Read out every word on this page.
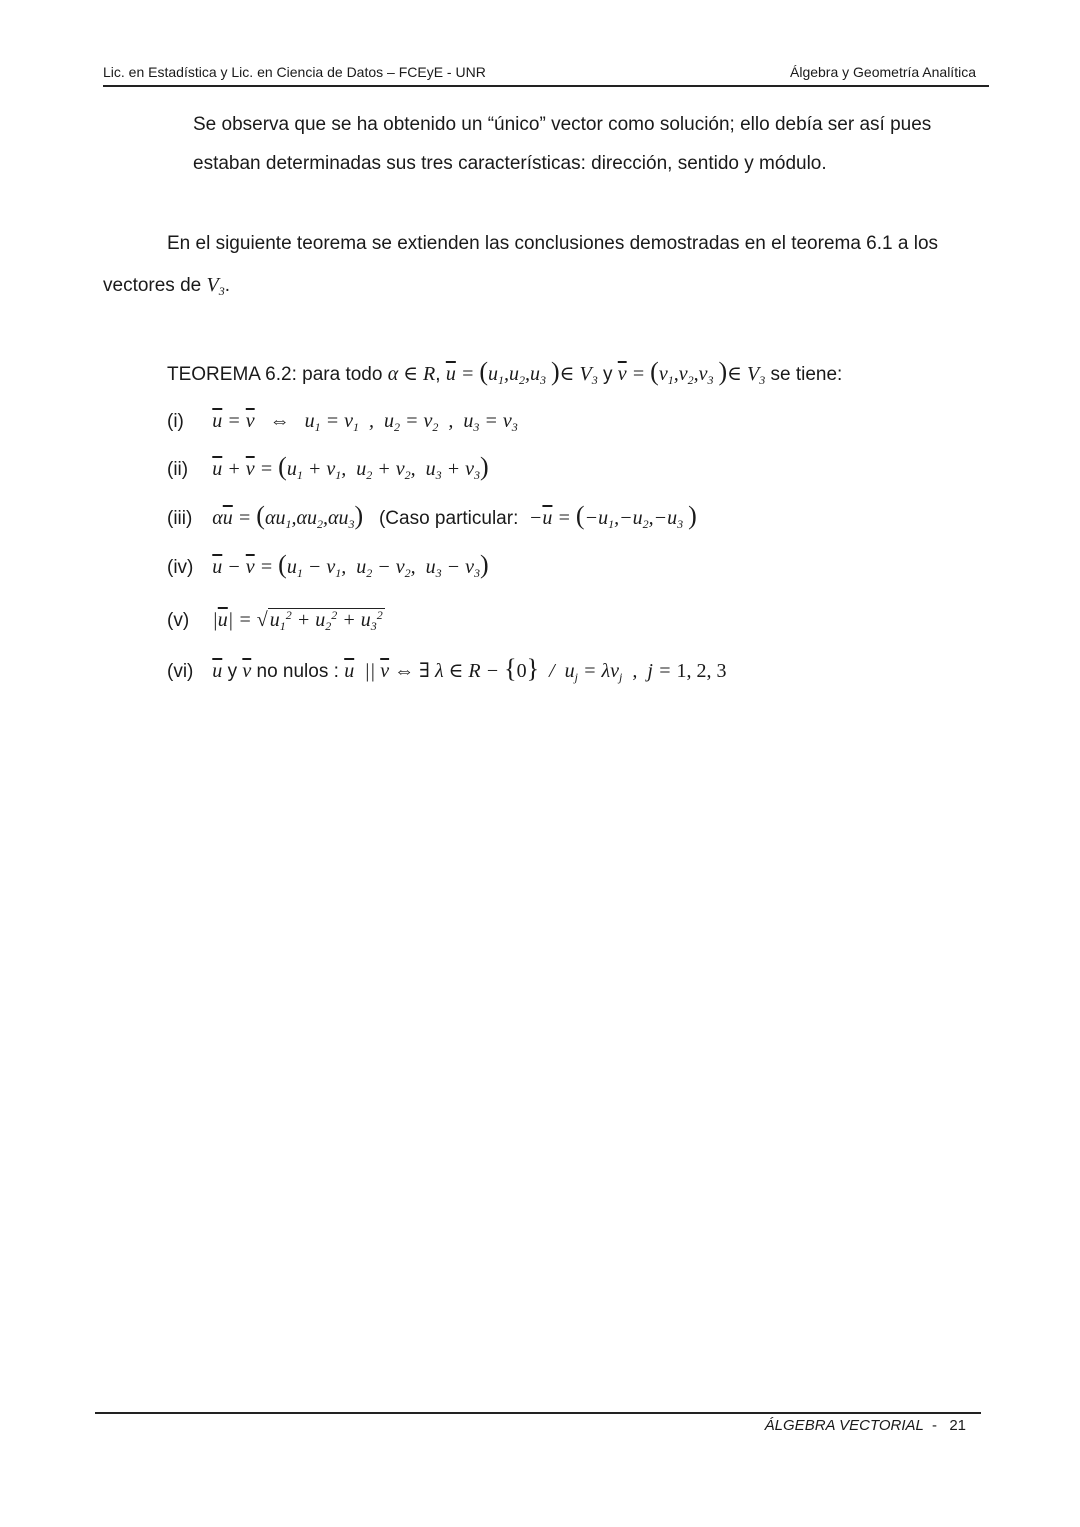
Lic. en Estadística y Lic. en Ciencia de Datos – FCEyE - UNR	Álgebra y Geometría Analítica
Se observa que se ha obtenido un “único” vector como solución; ello debía ser así pues
estaban determinadas sus tres características: dirección, sentido y módulo.
En el siguiente teorema se extienden las conclusiones demostradas en el teorema 6.1 a los
vectores de $V_3$.
TEOREMA 6.2: para todo α ∈ R, $\overline{u} = (u_1,u_2,u_3$ )∈ $V_3$ y $\overline{v} = (v_1,v_2,v_3$ )∈ $V_3$ se tiene:
(i) $\overline{u} = \overline{v}$   ⇔   $u_1 = v_1$  ,  $u_2 = v_2$  ,  $u_3 = v_3$
(ii) $\overline{u} + \overline{v} = (u_1 + v_1$,  $u_2 + v_2$,  $u_3 + v_3$)
(iii) $\alpha\overline{u} = (\alpha u_1,\alpha u_2,\alpha u_3)$ (Caso particular: $-\overline{u} = (-u_1,-u_2,-u_3$ )
(iv) $\overline{u} - \overline{v} = (u_1 - v_1$,  $u_2 - v_2$,  $u_3 - v_3$)
(v) $|\overline{u}|$ = √ $u_1^2 + u_2^2 + u_3^2$
(vi) $\overline{u}$ y $\overline{v}$ no nulos : $\overline{u}$  || $\overline{v}$ ⇔ ∃ λ ∈ $R - \{0\} / u_j = \lambda v_j$  ,  j = 1, 2, 3
ÁLGEBRA VECTORIAL - 21
